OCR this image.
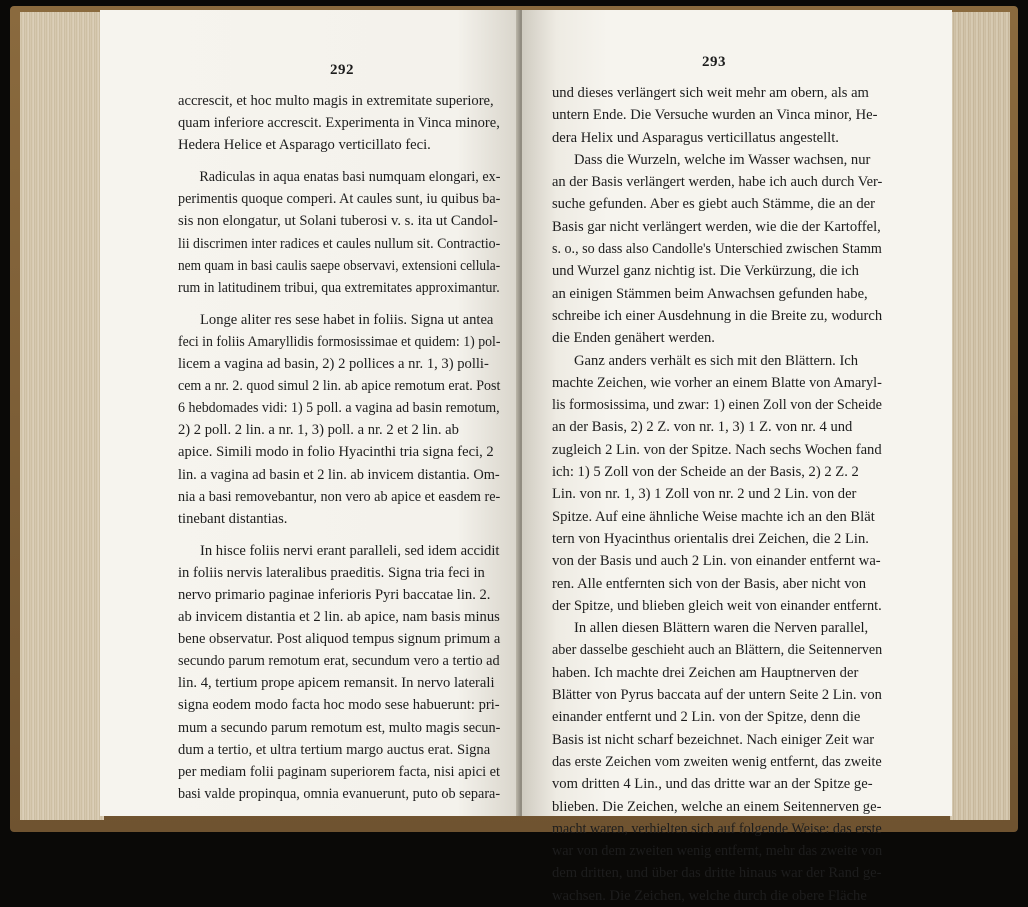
292
accrescit, et hoc multo magis in extremitate superiore,
quam inferiore accrescit. Experimenta in Vinca minore,
Hedera Helice et Asparago verticillato feci.
Radiculas in aqua enatas basi numquam elongari, ex-
perimentis quoque comperi. At caules sunt, iu quibus ba-
sis non elongatur, ut Solani tuberosi v. s. ita ut Candol-
lii discrimen inter radices et caules nullum sit. Contractio-
nem quam in basi caulis saepe observavi, extensioni cellula-
rum in latitudinem tribui, qua extremitates approximantur.
Longe aliter res sese habet in foliis. Signa ut antea
feci in foliis Amaryllidis formosissimae et quidem: 1) pol-
licem a vagina ad basin, 2) 2 pollices a nr. 1, 3) polli-
cem a nr. 2. quod simul 2 lin. ab apice remotum erat. Post
6 hebdomades vidi: 1) 5 poll. a vagina ad basin remotum,
2) 2 poll. 2 lin. a nr. 1, 3) poll. a nr. 2 et 2 lin. ab
apice. Simili modo in folio Hyacinthi tria signa feci, 2
lin. a vagina ad basin et 2 lin. ab invicem distantia. Om-
nia a basi removebantur, non vero ab apice et easdem re-
tinebant distantias.
In hisce foliis nervi erant paralleli, sed idem accidit
in foliis nervis lateralibus praeditis. Signa tria feci in
nervo primario paginae inferioris Pyri baccatae lin. 2.
ab invicem distantia et 2 lin. ab apice, nam basis minus
bene observatur. Post aliquod tempus signum primum a
secundo parum remotum erat, secundum vero a tertio ad
lin. 4, tertium prope apicem remansit. In nervo laterali
signa eodem modo facta hoc modo sese habuerunt: pri-
mum a secundo parum remotum est, multo magis secun-
dum a tertio, et ultra tertium margo auctus erat. Signa
per mediam folii paginam superiorem facta, nisi apici et
basi valde propinqua, omnia evanuerunt, puto ob separa-
293
und dieses verlängert sich weit mehr am obern, als am
untern Ende. Die Versuche wurden an Vinca minor, He-
dera Helix und Asparagus verticillatus angestellt.
Dass die Wurzeln, welche im Wasser wachsen, nur
an der Basis verlängert werden, habe ich auch durch Ver-
suche gefunden. Aber es giebt auch Stämme, die an der
Basis gar nicht verlängert werden, wie die der Kartoffel,
s. o., so dass also Candolle's Unterschied zwischen Stamm
und Wurzel ganz nichtig ist. Die Verkürzung, die ich
an einigen Stämmen beim Anwachsen gefunden habe,
schreibe ich einer Ausdehnung in die Breite zu, wodurch
die Enden genähert werden.
Ganz anders verhält es sich mit den Blättern. Ich
machte Zeichen, wie vorher an einem Blatte von Amaryl-
lis formosissima, und zwar: 1) einen Zoll von der Scheide
an der Basis, 2) 2 Z. von nr. 1, 3) 1 Z. von nr. 4 und
zugleich 2 Lin. von der Spitze. Nach sechs Wochen fand
ich: 1) 5 Zoll von der Scheide an der Basis, 2) 2 Z. 2
Lin. von nr. 1, 3) 1 Zoll von nr. 2 und 2 Lin. von der
Spitze. Auf eine ähnliche Weise machte ich an den Blät
tern von Hyacinthus orientalis drei Zeichen, die 2 Lin.
von der Basis und auch 2 Lin. von einander entfernt wa-
ren. Alle entfernten sich von der Basis, aber nicht von
der Spitze, und blieben gleich weit von einander entfernt.
In allen diesen Blättern waren die Nerven parallel,
aber dasselbe geschieht auch an Blättern, die Seitennerven
haben. Ich machte drei Zeichen am Hauptnerven der
Blätter von Pyrus baccata auf der untern Seite 2 Lin. von
einander entfernt und 2 Lin. von der Spitze, denn die
Basis ist nicht scharf bezeichnet. Nach einiger Zeit war
das erste Zeichen vom zweiten wenig entfernt, das zweite
vom dritten 4 Lin., und das dritte war an der Spitze ge-
blieben. Die Zeichen, welche an einem Seitennerven ge-
macht waren, verhielten sich auf folgende Weise: das erste
war von dem zweiten wenig entfernt, mehr das zweite von
dem dritten, und über das dritte hinaus war der Rand ge-
wachsen. Die Zeichen, welche durch die obere Fläche
